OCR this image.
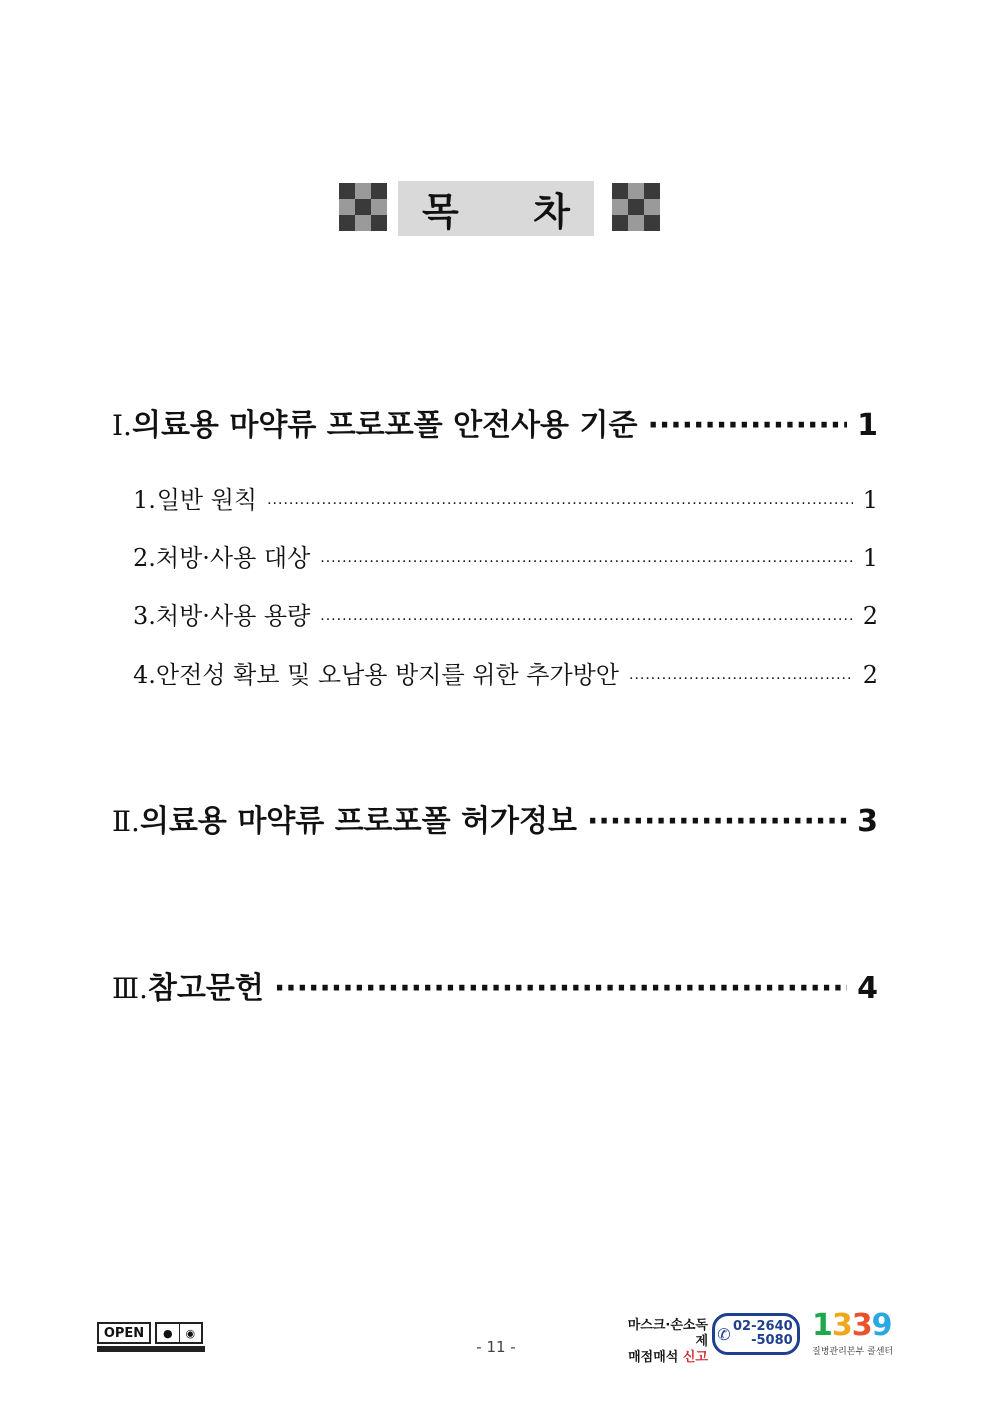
목 차
Ⅰ. 의료용 마약류 프로포폴 안전사용 기준 ·····	1
1. 일반 원칙 ·····	1
2. 처방·사용 대상 ·····	1
3. 처방·사용 용량 ·····	2
4. 안전성 확보 및 오남용 방지를 위한 추가방안 ·····	2
Ⅱ. 의료용 마약류 프로포폴 허가정보 ·····	3
Ⅲ. 참고문헌 ·····	4
OPEN	●	◉
- 11 -
마스크·손소독제
매점매석 신고
✆ 02-2640
-5080 1339
질병관리본부 콜센터
